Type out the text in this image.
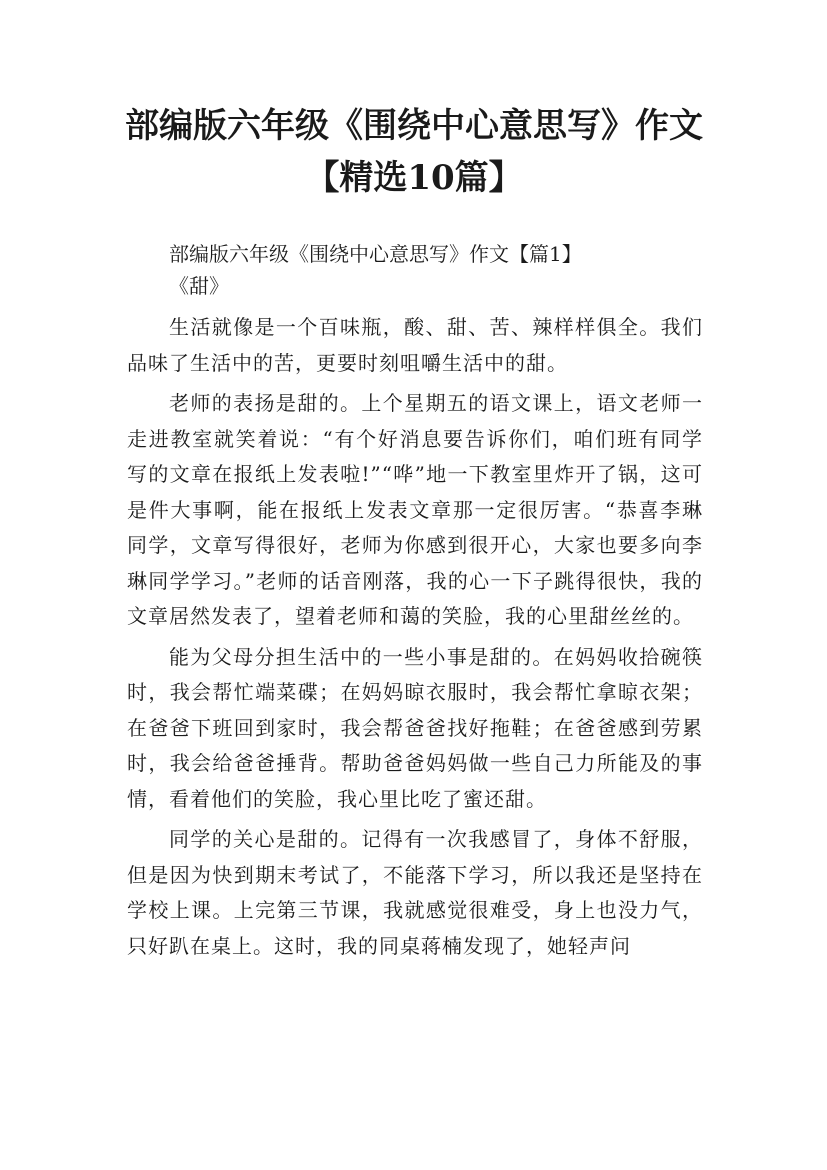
部编版六年级《围绕中心意思写》作文【精选10篇】

部编版六年级《围绕中心意思写》作文【篇1】

《甜》

生活就像是一个百味瓶，酸、甜、苦、辣样样俱全。我们品味了生活中的苦，更要时刻咀嚼生活中的甜。

老师的表扬是甜的。上个星期五的语文课上，语文老师一走进教室就笑着说：“有个好消息要告诉你们，咱们班有同学写的文章在报纸上发表啦!”“哗”地一下教室里炸开了锅，这可是件大事啊，能在报纸上发表文章那一定很厉害。“恭喜李琳同学，文章写得很好，老师为你感到很开心，大家也要多向李琳同学学习。”老师的话音刚落，我的心一下子跳得很快，我的文章居然发表了，望着老师和蔼的笑脸，我的心里甜丝丝的。

能为父母分担生活中的一些小事是甜的。在妈妈收拾碗筷时，我会帮忙端菜碟；在妈妈晾衣服时，我会帮忙拿晾衣架；在爸爸下班回到家时，我会帮爸爸找好拖鞋；在爸爸感到劳累时，我会给爸爸捶背。帮助爸爸妈妈做一些自己力所能及的事情，看着他们的笑脸，我心里比吃了蜜还甜。

同学的关心是甜的。记得有一次我感冒了，身体不舒服，但是因为快到期末考试了，不能落下学习，所以我还是坚持在学校上课。上完第三节课，我就感觉很难受，身上也没力气，只好趴在桌上。这时，我的同桌蒋楠发现了，她轻声问
